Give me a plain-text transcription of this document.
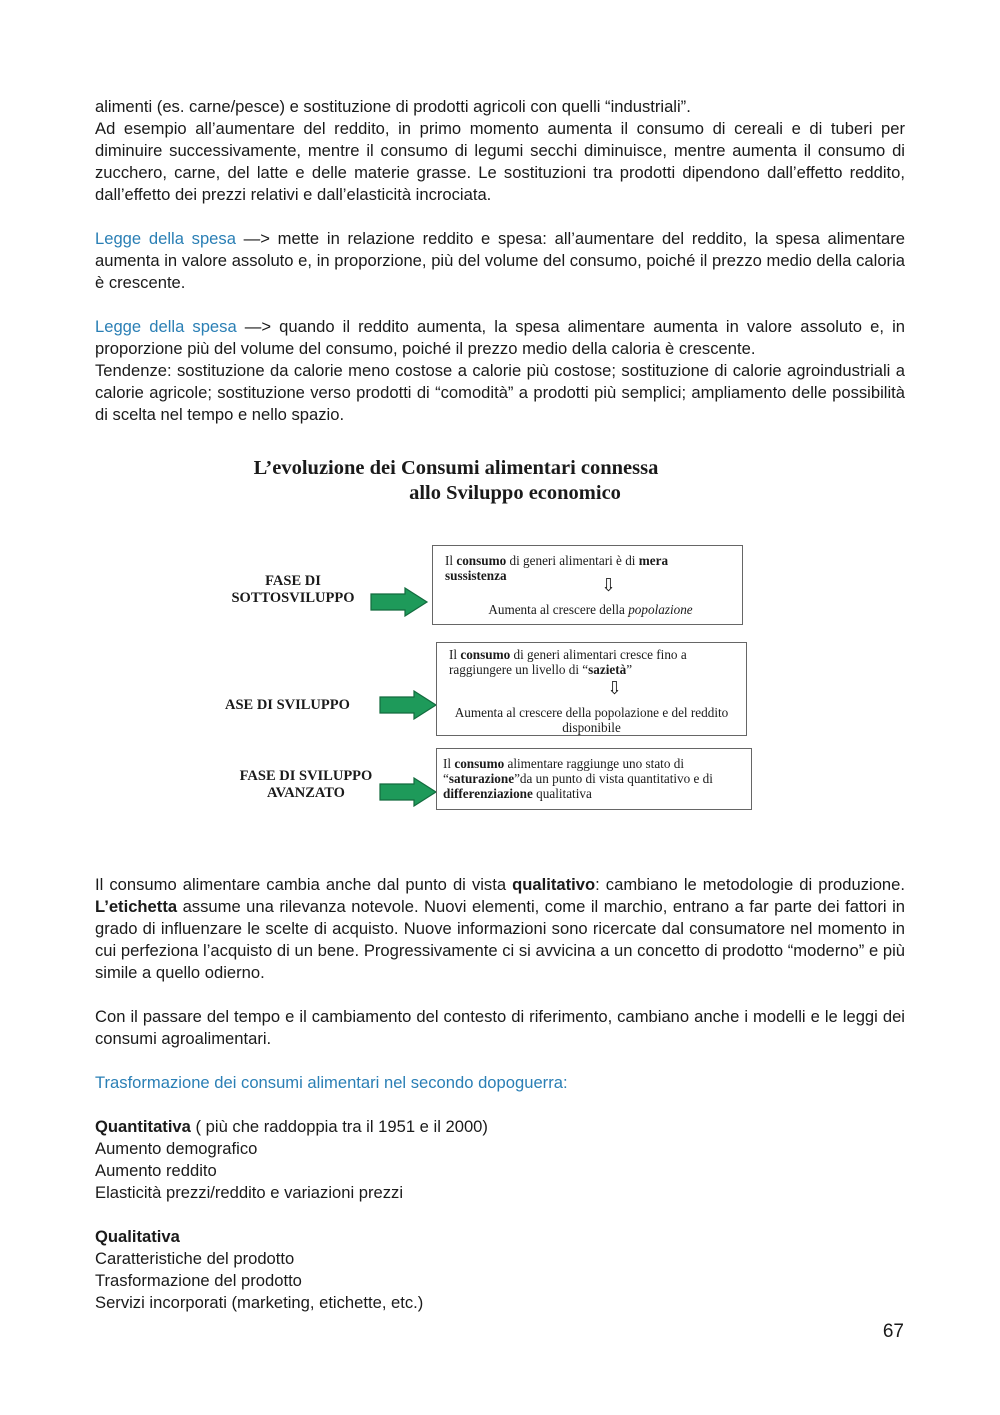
alimenti (es. carne/pesce) e sostituzione di prodotti agricoli con quelli “industriali”.
Ad esempio all’aumentare del reddito, in primo momento aumenta il consumo di cereali e di tuberi per diminuire successivamente, mentre il consumo di legumi secchi diminuisce, mentre aumenta il consumo di zucchero, carne, del latte e delle materie grasse. Le sostituzioni tra prodotti dipendono dall’effetto reddito, dall’effetto dei prezzi relativi e dall’elasticità incrociata.

Legge della spesa —> mette in relazione reddito e spesa: all’aumentare del reddito, la spesa alimentare aumenta in valore assoluto e, in proporzione, più del volume del consumo, poiché il prezzo medio della caloria è crescente.

Legge della spesa —> quando il reddito aumenta, la spesa alimentare aumenta in valore assoluto e, in proporzione più del volume del consumo, poiché il prezzo medio della caloria è crescente.
Tendenze: sostituzione da calorie meno costose a calorie più costose; sostituzione di calorie agroindustriali a calorie agricole; sostituzione verso prodotti di “comodità” a prodotti più semplici; ampliamento delle possibilità di scelta nel tempo e nello spazio.

L’evoluzione dei Consumi alimentari connessa
allo Sviluppo economico
FASE DI
SOTTOSVILUPPO
Il consumo di generi alimentari è di mera sussistenza	⇩
Aumenta al crescere della popolazione
ASE DI SVILUPPO
Il consumo di generi alimentari cresce fino a raggiungere un livello di “sazietà”
⇩
Aumenta al crescere della popolazione e del reddito disponibile
FASE DI SVILUPPO
AVANZATO
Il consumo alimentare raggiunge uno stato di “saturazione”da un punto di vista quantitativo e di differenziazione qualitativa

Il consumo alimentare cambia anche dal punto di vista qualitativo: cambiano le metodologie di produzione. L’etichetta assume una rilevanza notevole. Nuovi elementi, come il marchio, entrano a far parte dei fattori in grado di influenzare le scelte di acquisto. Nuove informazioni sono ricercate dal consumatore nel momento in cui perfeziona l’acquisto di un bene. Progressivamente ci si avvicina a un concetto di prodotto “moderno” e più simile a quello odierno.

Con il passare del tempo e il cambiamento del contesto di riferimento, cambiano anche i modelli e le leggi dei consumi agroalimentari.

Trasformazione dei consumi alimentari nel secondo dopoguerra:

Quantitativa ( più che raddoppia tra il 1951 e il 2000)
Aumento demografico
Aumento reddito
Elasticità prezzi/reddito e variazioni prezzi

Qualitativa
Caratteristiche del prodotto
Trasformazione del prodotto
Servizi incorporati (marketing, etichette, etc.)

67
